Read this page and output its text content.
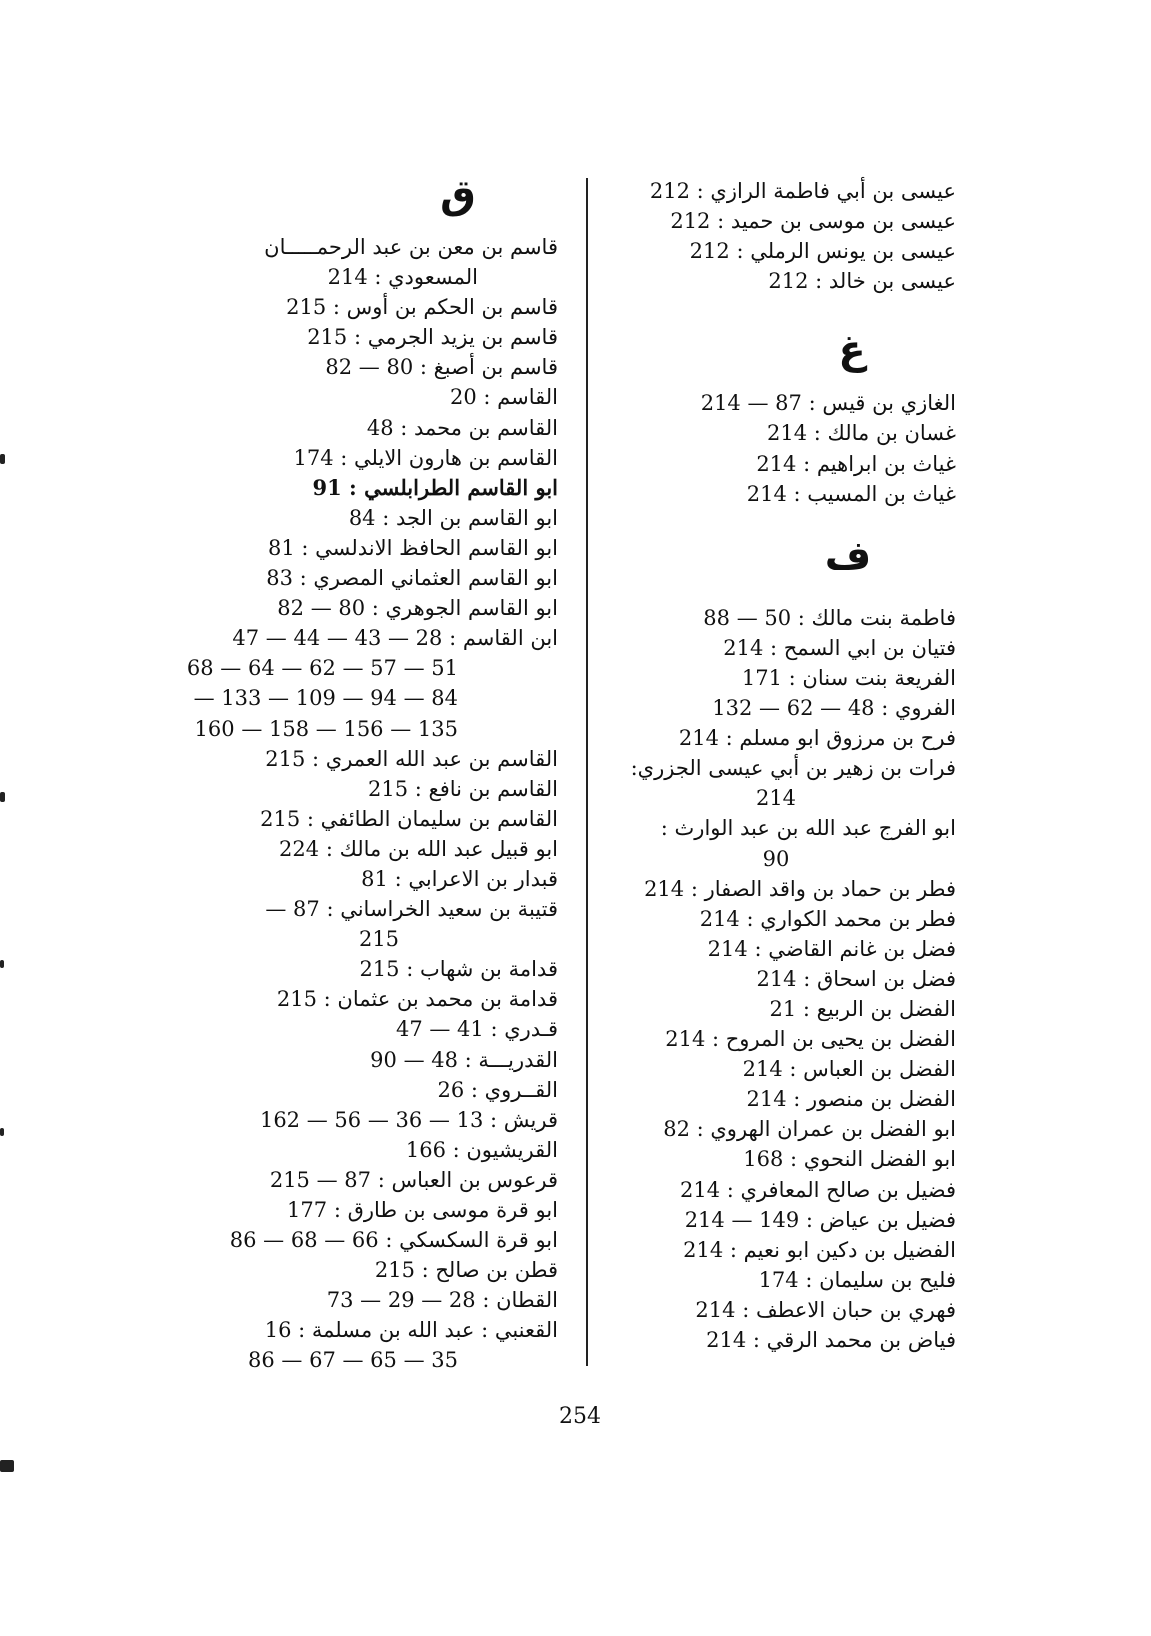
عيسى بن أبي فاطمة الرازي : 212
عيسى بن موسى بن حميد : 212
عيسى بن يونس الرملي : 212
عيسى بن خالد : 212
الغازي بن قيس : 87 — 214
غسان بن مالك : 214
غياث بن ابراهيم : 214
غياث بن المسيب : 214
فاطمة بنت مالك : 50 — 88
فتيان بن ابي السمح : 214
الفريعة بنت سنان : 171
الفروي : 48 — 62 — 132
فرح بن مرزوق ابو مسلم : 214
فرات بن زهير بن أبي عيسى الجزري:
214
ابو الفرج عبد الله بن عبد الوارث :
90
فطر بن حماد بن واقد الصفار : 214
فطر بن محمد الكواري : 214
فضل بن غانم القاضي : 214
فضل بن اسحاق : 214
الفضل بن الربيع : 21
الفضل بن يحيى بن المروح : 214
الفضل بن العباس : 214
الفضل بن منصور : 214
ابو الفضل بن عمران الهروي : 82
ابو الفضل النحوي : 168
فضيل بن صالح المعافري : 214
فضيل بن عياض : 149 — 214
الفضيل بن دكين ابو نعيم : 214
فليح بن سليمان : 174
فهري بن حبان الاعطف : 214
فياض بن محمد الرقي : 214
قاسم بن معن بن عبد الرحمـــــان
المسعودي : 214
قاسم بن الحكم بن أوس : 215
قاسم بن يزيد الجرمي : 215
قاسم بن أصبغ : 80 — 82
القاسم : 20
القاسم بن محمد : 48
القاسم بن هارون الايلي : 174
ابو القاسم الطرابلسي : 91
ابو القاسم بن الجد : 84
ابو القاسم الحافظ الاندلسي : 81
ابو القاسم العثماني المصري : 83
ابو القاسم الجوهري : 80 — 82
ابن القاسم : 28 — 43 — 44 — 47
51 — 57 — 62 — 64 — 68
84 — 94 — 109 — 133 —
135 — 156 — 158 — 160
القاسم بن عبد الله العمري : 215
القاسم بن نافع : 215
القاسم بن سليمان الطائفي : 215
ابو قبيل عبد الله بن مالك : 224
قبدار بن الاعرابي : 81
قتيبة بن سعيد الخراساني : 87 —
215
قدامة بن شهاب : 215
قدامة بن محمد بن عثمان : 215
قـدري : 41 — 47
القدريـــة : 48 — 90
القــروي : 26
قريش : 13 — 36 — 56 — 162
القريشيون : 166
قرعوس بن العباس : 87 — 215
ابو قرة موسى بن طارق : 177
ابو قرة السكسكي : 66 — 68 — 86
قطن بن صالح : 215
القطان : 28 — 29 — 73
القعنبي : عبد الله بن مسلمة : 16
35 — 65 — 67 — 86
ق
غ
ف
254
